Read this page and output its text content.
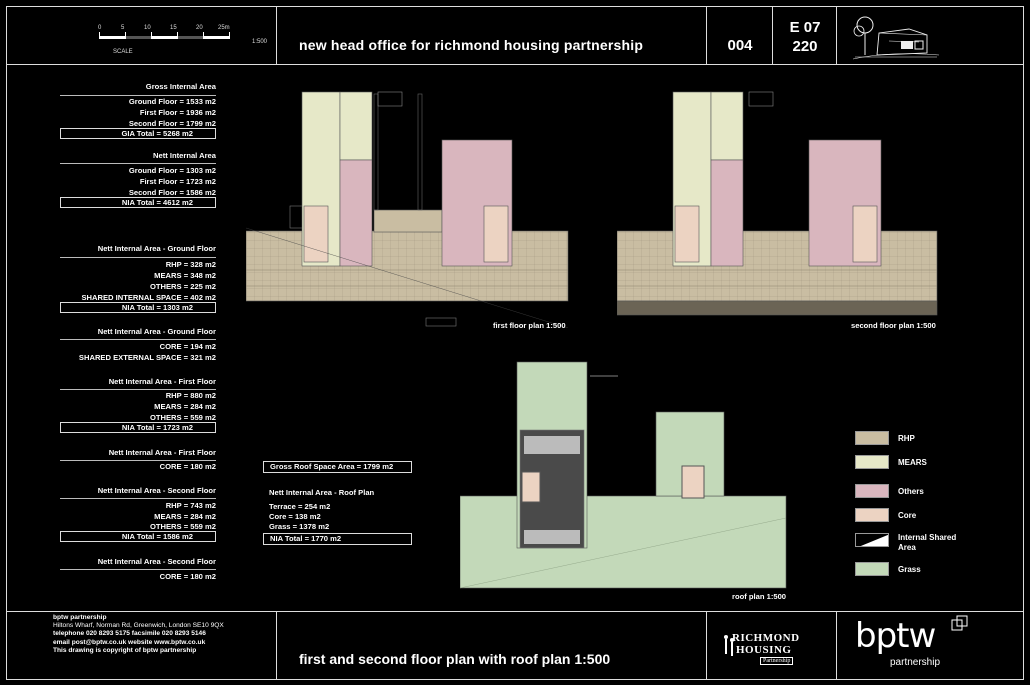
0	5	10	15	20	25m
SCALE
1:500 new head office for richmond housing partnership	004
E 07
220
Gross Internal Area
Ground Floor = 1533 m2
First Floor = 1936 m2
Second Floor = 1799 m2
GIA Total = 5268 m2
Nett Internal Area
Ground Floor = 1303 m2
First Floor = 1723 m2
Second Floor = 1586 m2
NIA Total = 4612 m2
Nett Internal Area - Ground Floor
RHP = 328 m2
MEARS = 348 m2
OTHERS = 225 m2
SHARED INTERNAL SPACE = 402 m2
NIA Total = 1303 m2
Nett Internal Area - Ground Floor
CORE = 194 m2
SHARED EXTERNAL SPACE = 321 m2
Nett Internal Area - First Floor
RHP = 880 m2
MEARS = 284 m2
OTHERS = 559 m2
NIA Total = 1723 m2
Nett Internal Area - First Floor
CORE = 180 m2
Nett Internal Area - Second Floor
RHP = 743 m2
MEARS = 284 m2
OTHERS = 559 m2
NIA Total = 1586 m2
Nett Internal Area - Second Floor
CORE = 180 m2
first floor plan 1:500	second floor plan 1:500
roof plan 1:500
Gross Roof Space Area = 1799 m2
Nett Internal Area - Roof Plan
Terrace = 254 m2
Core = 138 m2
Grass = 1378 m2
NIA Total = 1770 m2
RHP
MEARS
Others
Core
Internal Shared Area
Grass
bptw partnership
Hiltons Wharf, Norman Rd, Greenwich, London SE10 9QX
telephone 020 8293 5175 facsimile 020 8293 5146
email post@bptw.co.uk website www.bptw.co.uk
This drawing is copyright of bptw partnership
first and second floor plan with roof plan 1:500
RICHMOND
HOUSING
Partnership
bptw
partnership
